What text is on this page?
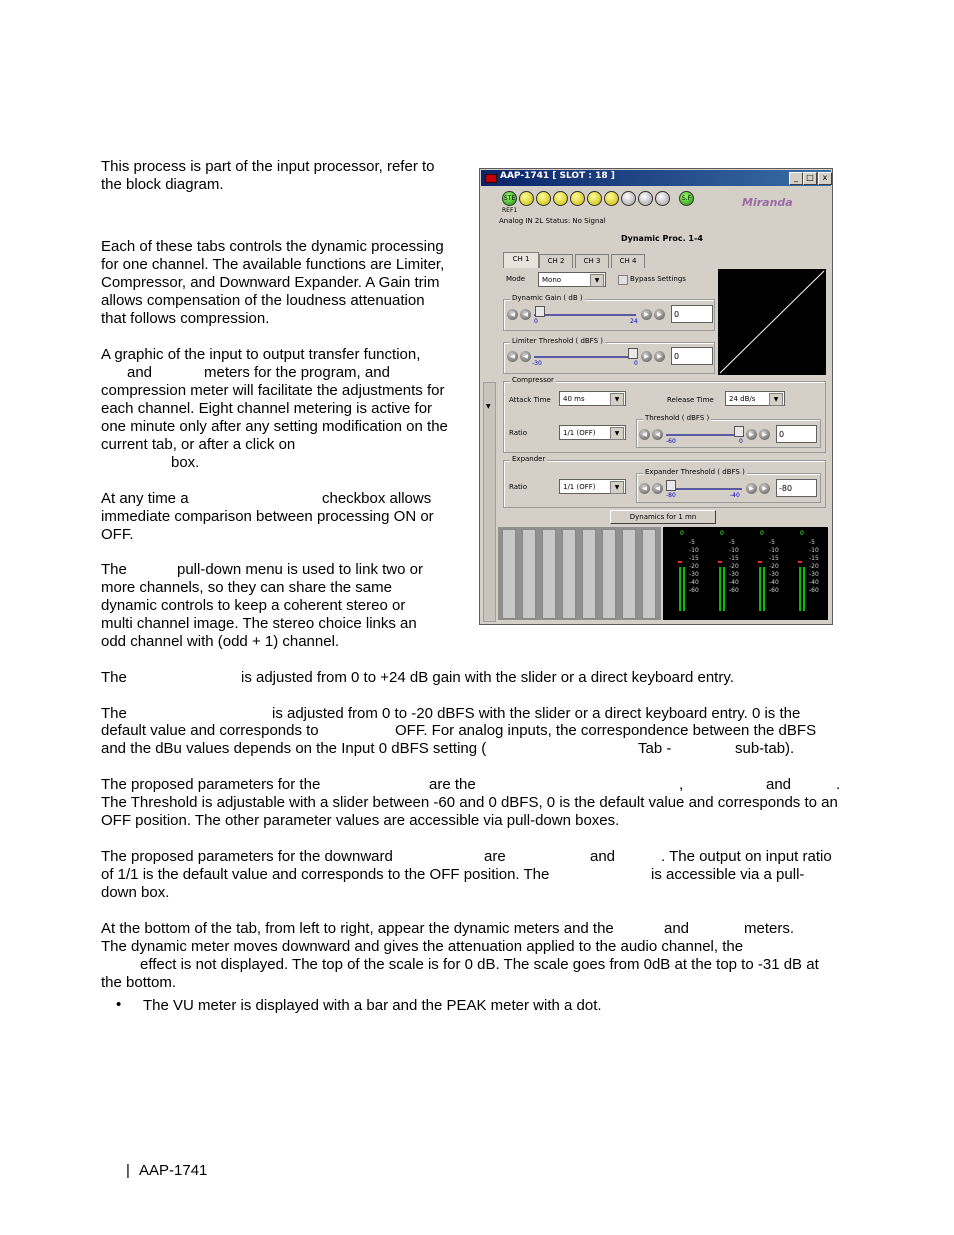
This process is part of the input processor, refer to the block diagram.
Each of these tabs controls the dynamic processing for one channel. The available functions are Limiter, Compressor, and Downward Expander. A Gain trim allows compensation of the loudness attenuation that follows compression.
A graphic of the input to output transfer function,
and	meters for the program, and
compression meter will facilitate the adjustments for each channel. Eight channel metering is active for one minute only after any setting modification on the current tab, or after a click on
box.
At any time a	checkbox allows
immediate comparison between processing ON or OFF.
The	pull-down menu is used to link two or
more channels, so they can share the same dynamic controls to keep a coherent stereo or multi channel image. The stereo choice links an odd channel with (odd + 1) channel.
The	is adjusted from 0 to +24 dB gain with the slider or a direct keyboard entry.
The	is adjusted from 0 to -20 dBFS with the slider or a direct keyboard entry. 0 is the
default value and corresponds to	OFF. For analog inputs, the correspondence between the dBFS
and the dBu values depends on the Input 0 dBFS setting (	Tab -	sub-tab).
The proposed parameters for the	are the	,	and	.
The Threshold is adjustable with a slider between -60 and 0 dBFS, 0 is the default value and corresponds to an OFF position. The other parameter values are accessible via pull-down boxes.
The proposed parameters for the downward	are	and	. The output on input ratio
of 1/1 is the default value and corresponds to the OFF position. The	is accessible via a pull-
down box.
At the bottom of the tab, from left to right, appear the dynamic meters and the	and	meters.
The dynamic meter moves downward and gives the attenuation applied to the audio channel, the
effect is not displayed. The top of the scale is for 0 dB. The scale goes from 0dB at the top to -31 dB at the bottom.
• The VU meter is displayed with a bar and the PEAK meter with a dot.
| AAP-1741
AAP-1741 [ SLOT : 18 ]	_	□	x
STE	S.F
REF1
Miranda
Analog IN 2L Status: No Signal
Dynamic Proc. 1-4
CH 1	CH 2	CH 3	CH 4
▼
Mode	Mono	▼	Bypass Settings
Dynamic Gain ( dB )
◀	◀
0	24
▶	▶	0
Limiter Threshold ( dBFS )
◀	◀
-30	0
▶	▶	0
Compressor
Attack Time	40 ms	▼	Release Time	24 dB/s	▼
Ratio	1/1 (OFF)	▼
Threshold ( dBFS )
◀	◀
-60	0
▶	▶	0
Expander
Ratio	1/1 (OFF)	▼
Expander Threshold ( dBFS )
◀	◀
-80	-40
▶	▶	-80
Dynamics for 1 mn
0	0	0	0
-5
-10
-15
-20
-30
-40
-60
-5
-10
-15
-20
-30
-40
-60
-5
-10
-15
-20
-30
-40
-60
-5
-10
-15
-20
-30
-40
-60
